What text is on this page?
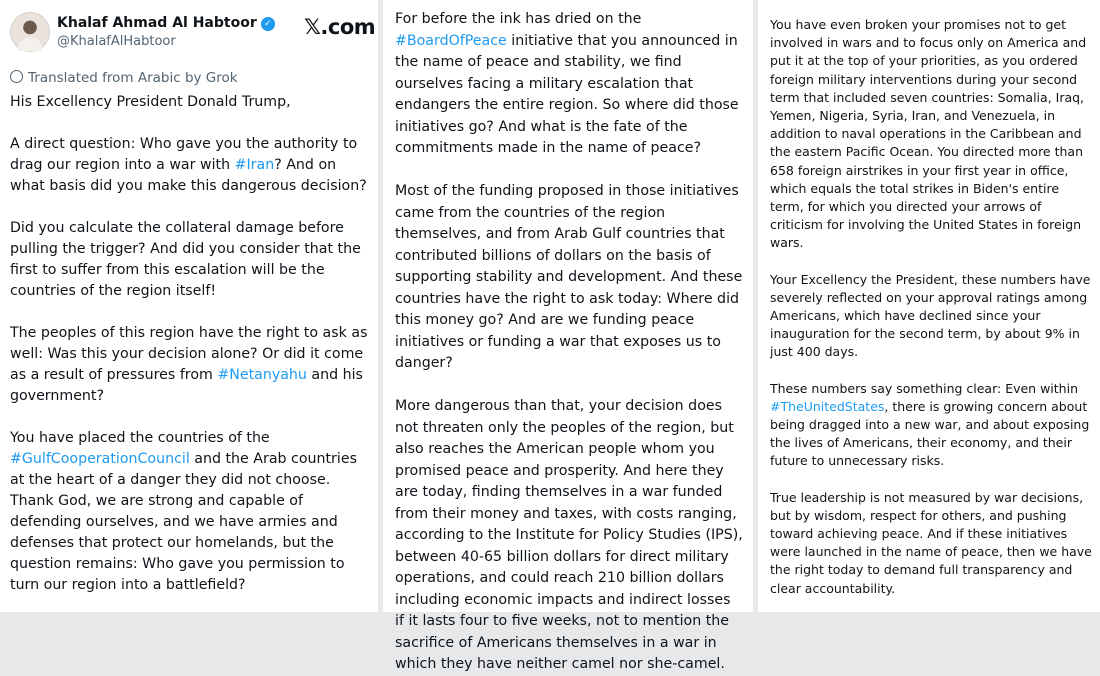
Khalaf Ahmad Al Habtoor ✓
@KhalafAlHabtoor
𝕏.com
Translated from Arabic by Grok

His Excellency President Donald Trump,

A direct question: Who gave you the authority to drag our region into a war with #Iran? And on what basis did you make this dangerous decision?

Did you calculate the collateral damage before pulling the trigger? And did you consider that the first to suffer from this escalation will be the countries of the region itself!

The peoples of this region have the right to ask as well: Was this your decision alone? Or did it come as a result of pressures from #Netanyahu and his government?

You have placed the countries of the #GulfCooperationCouncil and the Arab countries at the heart of a danger they did not choose. Thank God, we are strong and capable of defending ourselves, and we have armies and defenses that protect our homelands, but the question remains: Who gave you permission to turn our region into a battlefield?

For before the ink has dried on the #BoardOfPeace initiative that you announced in the name of peace and stability, we find ourselves facing a military escalation that endangers the entire region. So where did those initiatives go? And what is the fate of the commitments made in the name of peace?

Most of the funding proposed in those initiatives came from the countries of the region themselves, and from Arab Gulf countries that contributed billions of dollars on the basis of supporting stability and development. And these countries have the right to ask today: Where did this money go? And are we funding peace initiatives or funding a war that exposes us to danger?

More dangerous than that, your decision does not threaten only the peoples of the region, but also reaches the American people whom you promised peace and prosperity. And here they are today, finding themselves in a war funded from their money and taxes, with costs ranging, according to the Institute for Policy Studies (IPS), between 40-65 billion dollars for direct military operations, and could reach 210 billion dollars including economic impacts and indirect losses if it lasts four to five weeks, not to mention the sacrifice of Americans themselves in a war in which they have neither camel nor she-camel.

You have even broken your promises not to get involved in wars and to focus only on America and put it at the top of your priorities, as you ordered foreign military interventions during your second term that included seven countries: Somalia, Iraq, Yemen, Nigeria, Syria, Iran, and Venezuela, in addition to naval operations in the Caribbean and the eastern Pacific Ocean. You directed more than 658 foreign airstrikes in your first year in office, which equals the total strikes in Biden's entire term, for which you directed your arrows of criticism for involving the United States in foreign wars.

Your Excellency the President, these numbers have severely reflected on your approval ratings among Americans, which have declined since your inauguration for the second term, by about 9% in just 400 days.

These numbers say something clear: Even within #TheUnitedStates, there is growing concern about being dragged into a new war, and about exposing the lives of Americans, their economy, and their future to unnecessary risks.

True leadership is not measured by war decisions, but by wisdom, respect for others, and pushing toward achieving peace. And if these initiatives were launched in the name of peace, then we have the right today to demand full transparency and clear accountability.
